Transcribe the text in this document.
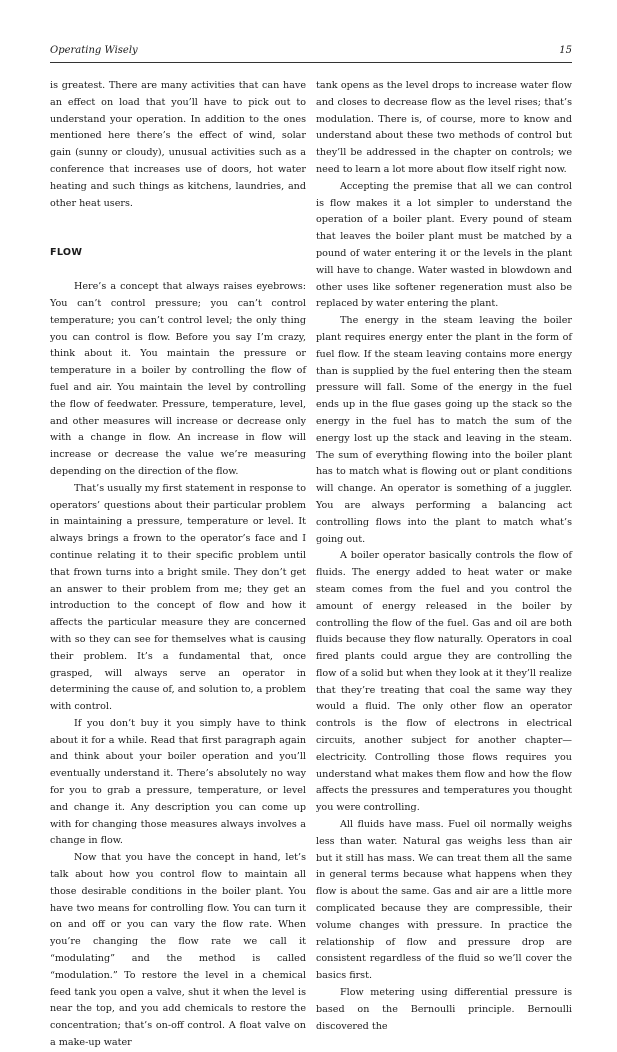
Operating Wisely	15

is greatest. There are many activities that can have an effect on load that you’ll have to pick out to understand your operation. In addition to the ones mentioned here there’s the effect of wind, solar gain (sunny or cloudy), unusual activities such as a conference that increases use of doors, hot water heating and such things as kitchens, laundries, and other heat users.

FLOW

Here’s a concept that always raises eyebrows: You can’t control pressure; you can’t control temperature; you can’t control level; the only thing you can control is flow. Before you say I’m crazy, think about it. You maintain the pressure or temperature in a boiler by controlling the flow of fuel and air. You maintain the level by controlling the flow of feedwater. Pressure, temperature, level, and other measures will increase or decrease only with a change in flow. An increase in flow will increase or decrease the value we’re measuring depending on the direction of the flow.

That’s usually my first statement in response to operators’ questions about their particular problem in maintaining a pressure, temperature or level. It always brings a frown to the operator’s face and I continue relating it to their specific problem until that frown turns into a bright smile. They don’t get an answer to their problem from me; they get an introduction to the concept of flow and how it affects the particular measure they are concerned with so they can see for themselves what is causing their problem. It’s a fundamental that, once grasped, will always serve an operator in determining the cause of, and solution to, a problem with control.

If you don’t buy it you simply have to think about it for a while. Read that first paragraph again and think about your boiler operation and you’ll eventually understand it. There’s absolutely no way for you to grab a pressure, temperature, or level and change it. Any description you can come up with for changing those measures always involves a change in flow.

Now that you have the concept in hand, let’s talk about how you control flow to maintain all those desirable conditions in the boiler plant. You have two means for controlling flow. You can turn it on and off or you can vary the flow rate. When you’re changing the flow rate we call it “modulating” and the method is called “modulation.” To restore the level in a chemical feed tank you open a valve, shut it when the level is near the top, and you add chemicals to restore the concentration; that’s on-off control. A float valve on a make-up water

tank opens as the level drops to increase water flow and closes to decrease flow as the level rises; that’s modulation. There is, of course, more to know and understand about these two methods of control but they’ll be addressed in the chapter on controls; we need to learn a lot more about flow itself right now.

Accepting the premise that all we can control is flow makes it a lot simpler to understand the operation of a boiler plant. Every pound of steam that leaves the boiler plant must be matched by a pound of water entering it or the levels in the plant will have to change. Water wasted in blowdown and other uses like softener regeneration must also be replaced by water entering the plant.

The energy in the steam leaving the boiler plant requires energy enter the plant in the form of fuel flow. If the steam leaving contains more energy than is supplied by the fuel entering then the steam pressure will fall. Some of the energy in the fuel ends up in the flue gases going up the stack so the energy in the fuel has to match the sum of the energy lost up the stack and leaving in the steam. The sum of everything flowing into the boiler plant has to match what is flowing out or plant conditions will change. An operator is something of a juggler. You are always performing a balancing act controlling flows into the plant to match what’s going out.

A boiler operator basically controls the flow of fluids. The energy added to heat water or make steam comes from the fuel and you control the amount of energy released in the boiler by controlling the flow of the fuel. Gas and oil are both fluids because they flow naturally. Operators in coal fired plants could argue they are controlling the flow of a solid but when they look at it they’ll realize that they’re treating that coal the same way they would a fluid. The only other flow an operator controls is the flow of electrons in electrical circuits, another subject for another chapter—electricity. Controlling those flows requires you understand what makes them flow and how the flow affects the pressures and temperatures you thought you were controlling.

All fluids have mass. Fuel oil normally weighs less than water. Natural gas weighs less than air but it still has mass. We can treat them all the same in general terms because what happens when they flow is about the same. Gas and air are a little more complicated because they are compressible, their volume changes with pressure. In practice the relationship of flow and pressure drop are consistent regardless of the fluid so we’ll cover the basics first.

Flow metering using differential pressure is based on the Bernoulli principle. Bernoulli discovered the
